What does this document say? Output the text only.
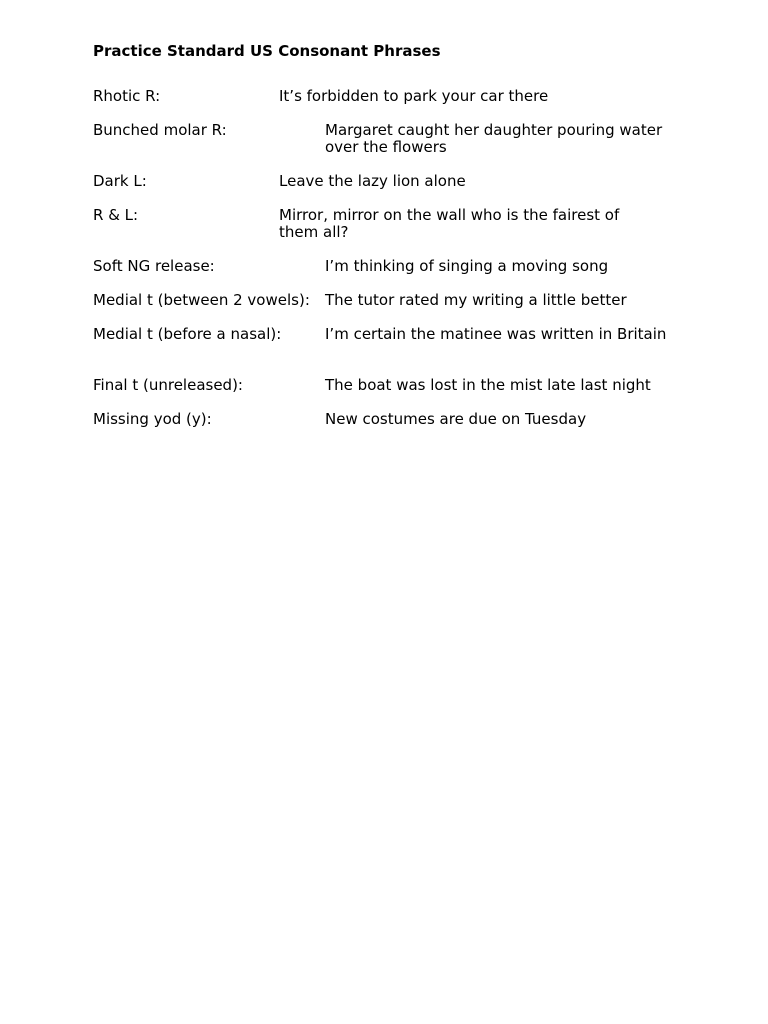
Practice Standard US Consonant Phrases
Rhotic R:	It’s forbidden to park your car there
Bunched molar R:	Margaret caught her daughter pouring water over the flowers
Dark L:	Leave the lazy lion alone
R & L:	Mirror, mirror on the wall who is the fairest of them all?
Soft NG release:	I’m thinking of singing a moving song
Medial t (between 2 vowels): The tutor rated my writing a little better
Medial t (before a nasal):	I’m certain the matinee was written in Britain
Final t (unreleased):	The boat was lost in the mist late last night
Missing yod (y):	New costumes are due on Tuesday
